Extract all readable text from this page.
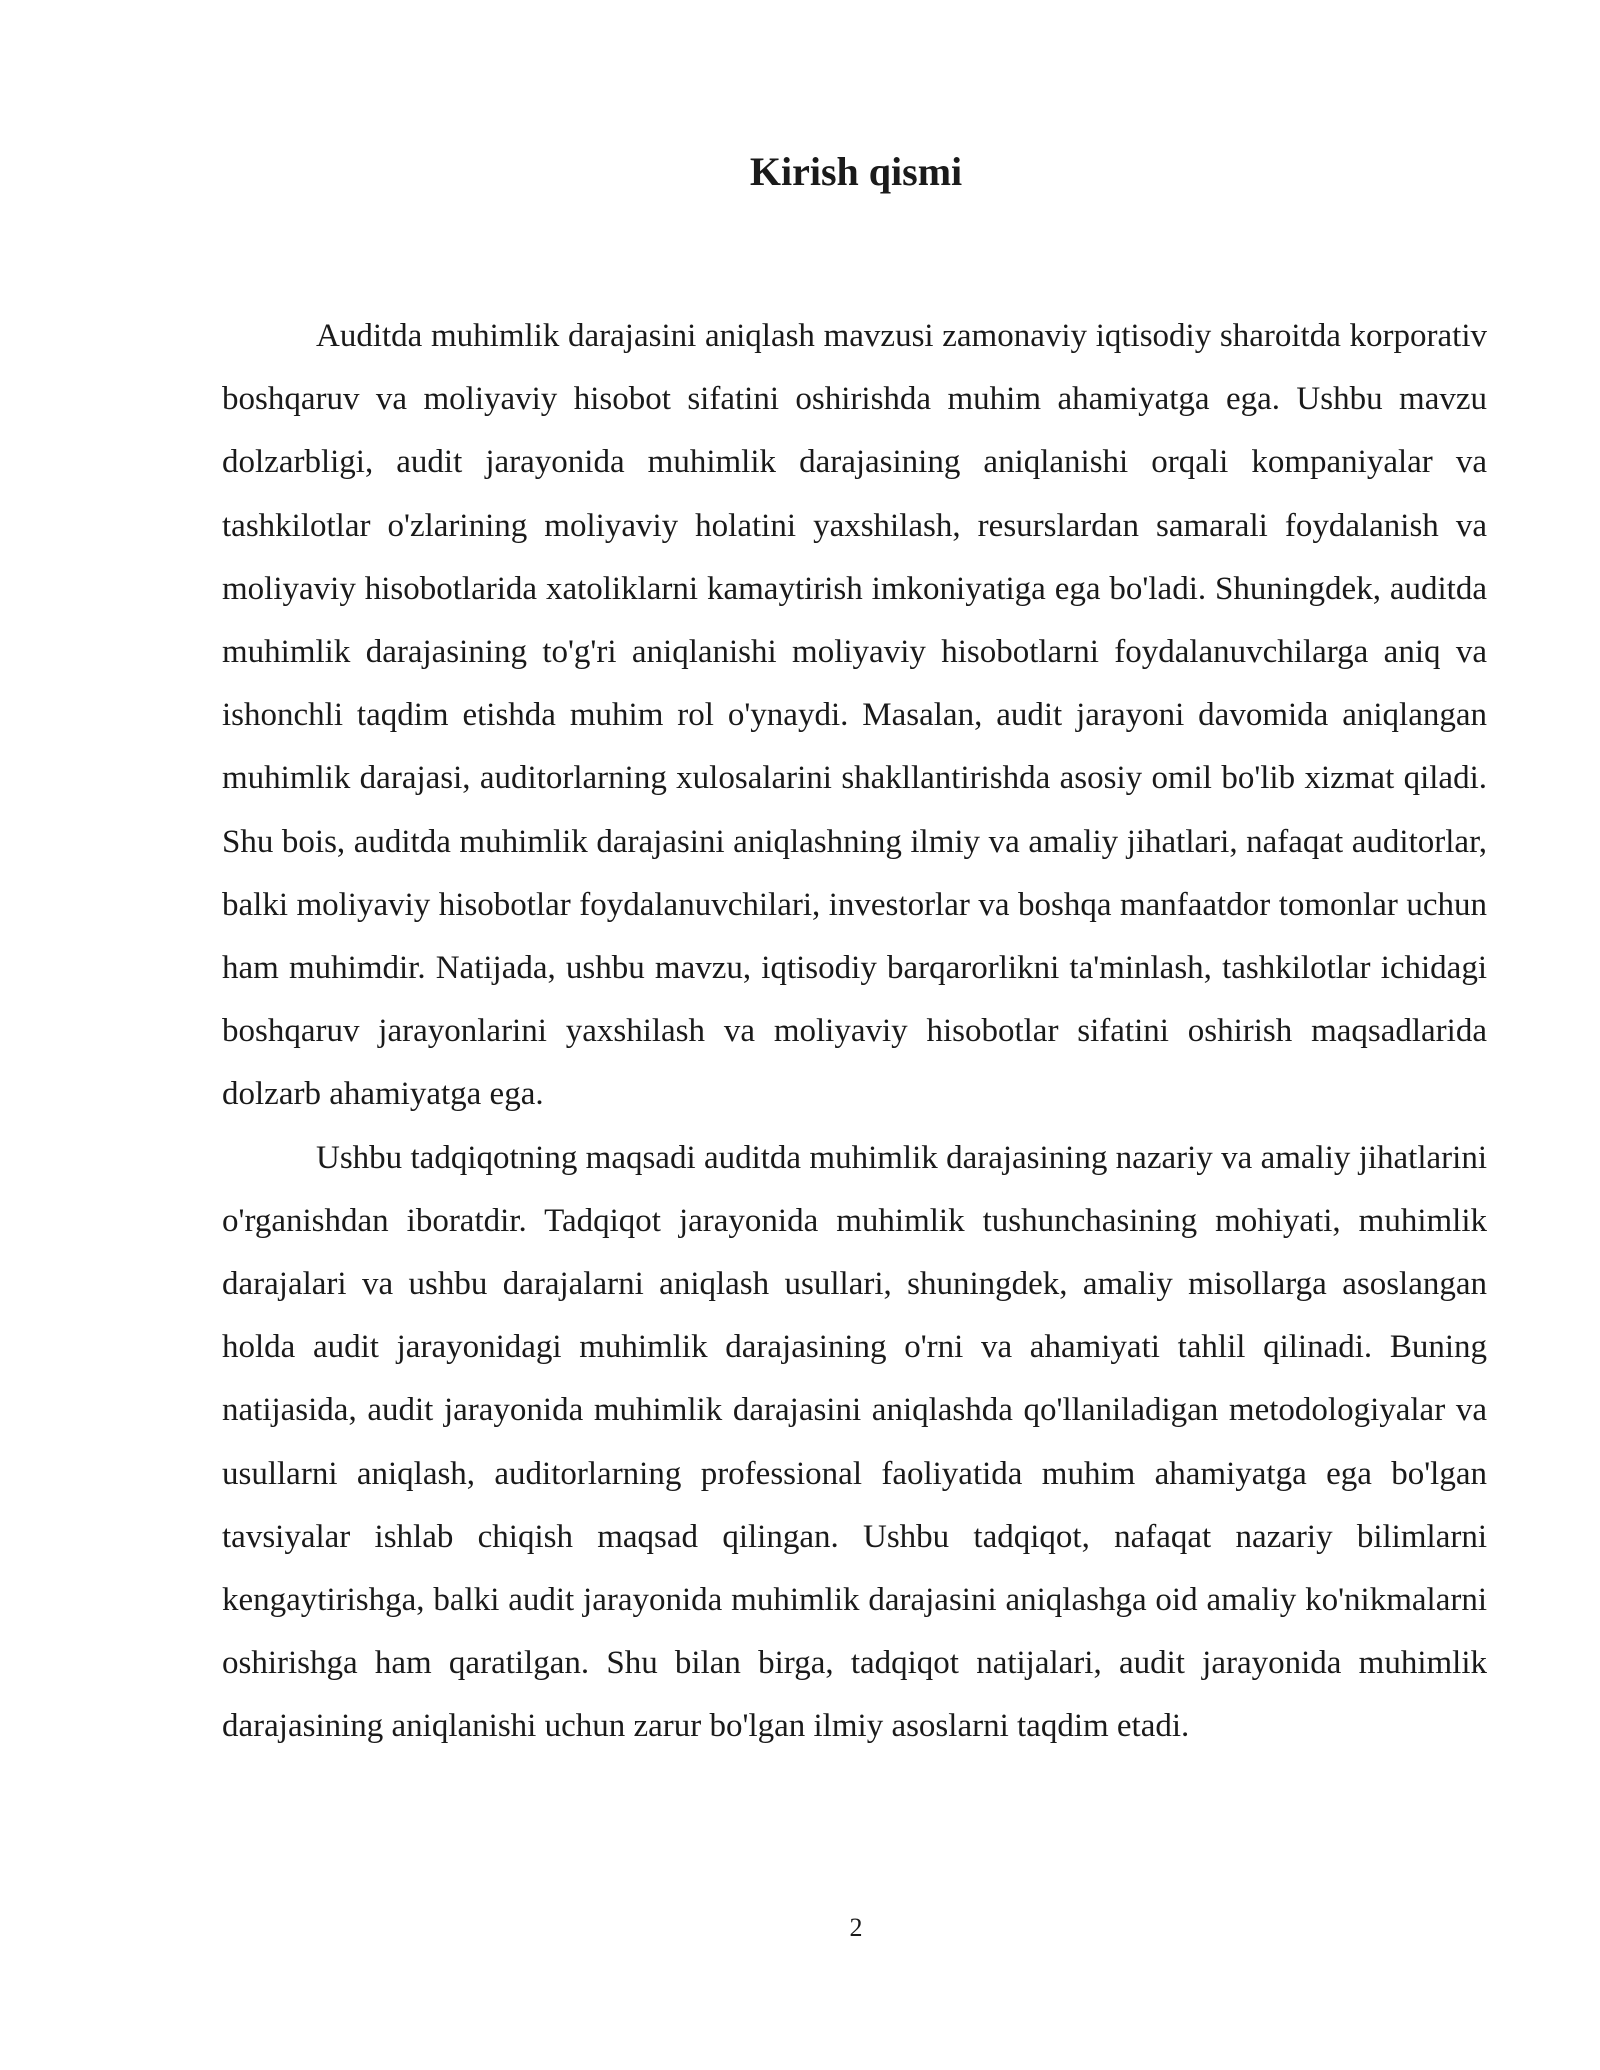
Kirish qismi

Auditda muhimlik darajasini aniqlash mavzusi zamonaviy iqtisodiy sharoitda korporativ boshqaruv va moliyaviy hisobot sifatini oshirishda muhim ahamiyatga ega. Ushbu mavzu dolzarbligi, audit jarayonida muhimlik darajasining aniqlanishi orqali kompaniyalar va tashkilotlar o'zlarining moliyaviy holatini yaxshilash, resurslardan samarali foydalanish va moliyaviy hisobotlarida xatoliklarni kamaytirish imkoniyatiga ega bo'ladi. Shuningdek, auditda muhimlik darajasining to'g'ri aniqlanishi moliyaviy hisobotlarni foydalanuvchilarga aniq va ishonchli taqdim etishda muhim rol o'ynaydi. Masalan, audit jarayoni davomida aniqlangan muhimlik darajasi, auditorlarning xulosalarini shakllantirishda asosiy omil bo'lib xizmat qiladi. Shu bois, auditda muhimlik darajasini aniqlashning ilmiy va amaliy jihatlari, nafaqat auditorlar, balki moliyaviy hisobotlar foydalanuvchilari, investorlar va boshqa manfaatdor tomonlar uchun ham muhimdir. Natijada, ushbu mavzu, iqtisodiy barqarorlikni ta'minlash, tashkilotlar ichidagi boshqaruv jarayonlarini yaxshilash va moliyaviy hisobotlar sifatini oshirish maqsadlarida dolzarb ahamiyatga ega.

Ushbu tadqiqotning maqsadi auditda muhimlik darajasining nazariy va amaliy jihatlarini o'rganishdan iboratdir. Tadqiqot jarayonida muhimlik tushunchasining mohiyati, muhimlik darajalari va ushbu darajalarni aniqlash usullari, shuningdek, amaliy misollarga asoslangan holda audit jarayonidagi muhimlik darajasining o'rni va ahamiyati tahlil qilinadi. Buning natijasida, audit jarayonida muhimlik darajasini aniqlashda qo'llaniladigan metodologiyalar va usullarni aniqlash, auditorlarning professional faoliyatida muhim ahamiyatga ega bo'lgan tavsiyalar ishlab chiqish maqsad qilingan. Ushbu tadqiqot, nafaqat nazariy bilimlarni kengaytirishga, balki audit jarayonida muhimlik darajasini aniqlashga oid amaliy ko'nikmalarni oshirishga ham qaratilgan. Shu bilan birga, tadqiqot natijalari, audit jarayonida muhimlik darajasining aniqlanishi uchun zarur bo'lgan ilmiy asoslarni taqdim etadi.

2
